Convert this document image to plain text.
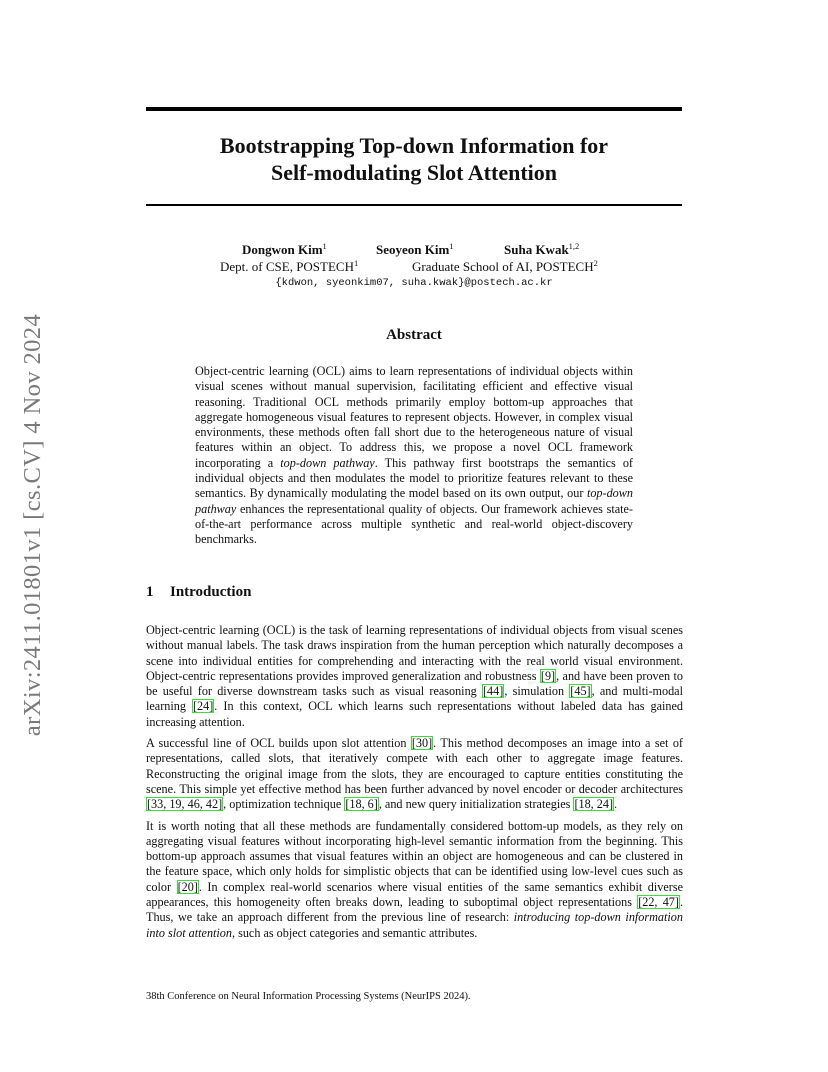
arXiv:2411.01801v1 [cs.CV] 4 Nov 2024
Bootstrapping Top-down Information for
Self-modulating Slot Attention
Dongwon Kim$^1$	Seoyeon Kim$^1$	Suha Kwak$^{1,2}$
Dept. of CSE, POSTECH$^1$	Graduate School of AI, POSTECH$^2$
{kdwon, syeonkim07, suha.kwak}@postech.ac.kr
Abstract
Object-centric learning (OCL) aims to learn representations of individual objects within visual scenes without manual supervision, facilitating efficient and effective visual reasoning. Traditional OCL methods primarily employ bottom-up approaches that aggregate homogeneous visual features to represent objects. However, in complex visual environments, these methods often fall short due to the heterogeneous nature of visual features within an object. To address this, we propose a novel OCL framework incorporating a top-down pathway. This pathway first bootstraps the semantics of individual objects and then modulates the model to prioritize features relevant to these semantics. By dynamically modulating the model based on its own output, our top-down pathway enhances the representational quality of objects. Our framework achieves state-of-the-art performance across multiple synthetic and real-world object-discovery benchmarks.
1 Introduction

Object-centric learning (OCL) is the task of learning representations of individual objects from visual scenes without manual labels. The task draws inspiration from the human perception which naturally decomposes a scene into individual entities for comprehending and interacting with the real world visual environment. Object-centric representations provides improved generalization and robustness [9], and have been proven to be useful for diverse downstream tasks such as visual reasoning [44], simulation [45], and multi-modal learning [24]. In this context, OCL which learns such representations without labeled data has gained increasing attention.

A successful line of OCL builds upon slot attention [30]. This method decomposes an image into a set of representations, called slots, that iteratively compete with each other to aggregate image features. Reconstructing the original image from the slots, they are encouraged to capture entities constituting the scene. This simple yet effective method has been further advanced by novel encoder or decoder architectures [33, 19, 46, 42], optimization technique [18, 6], and new query initialization strategies [18, 24].

It is worth noting that all these methods are fundamentally considered bottom-up models, as they rely on aggregating visual features without incorporating high-level semantic information from the beginning. This bottom-up approach assumes that visual features within an object are homogeneous and can be clustered in the feature space, which only holds for simplistic objects that can be identified using low-level cues such as color [20]. In complex real-world scenarios where visual entities of the same semantics exhibit diverse appearances, this homogeneity often breaks down, leading to suboptimal object representations [22, 47]. Thus, we take an approach different from the previous line of research: introducing top-down information into slot attention, such as object categories and semantic attributes.

38th Conference on Neural Information Processing Systems (NeurIPS 2024).
